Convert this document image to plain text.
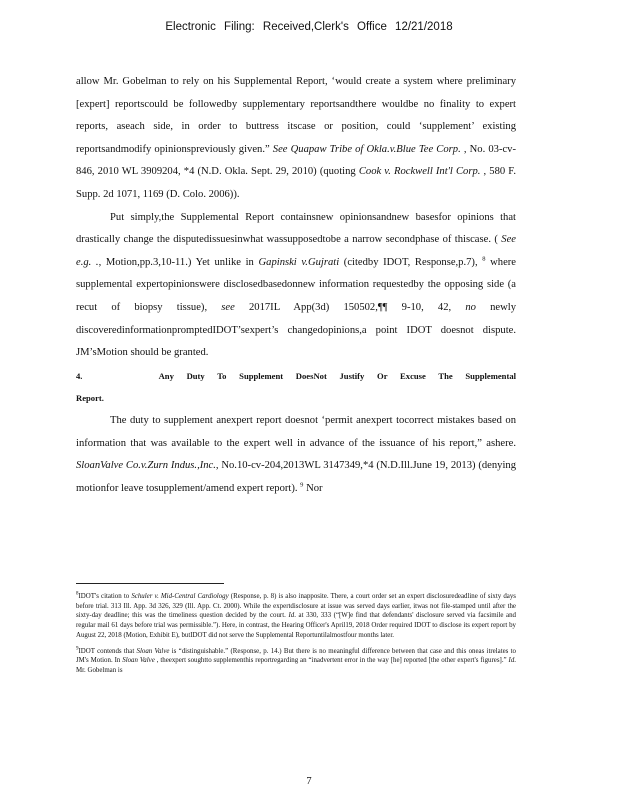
Electronic Filing: Received,Clerk's Office 12/21/2018

allow Mr. Gobelman to rely on his Supplemental Report, ‘would create a system where preliminary [expert] reportscould be followedby supplementary reportsandthere wouldbe no finality to expert reports, aseach side, in order to buttress itscase or position, could ‘supplement’ existing reportsandmodify opinionspreviously given.” See Quapaw Tribe of Okla.v.Blue Tee Corp. , No. 03-cv-846, 2010 WL 3909204, *4 (N.D. Okla. Sept. 29, 2010) (quoting Cook v. Rockwell Int'l Corp. , 580 F. Supp. 2d 1071, 1169 (D. Colo. 2006)).

Put simply,the Supplemental Report containsnew opinionsandnew basesfor opinions that drastically change the disputedissuesinwhat wassupposedtobe a narrow secondphase of thiscase. ( See e.g. ., Motion,pp.3,10-11.) Yet unlike in Gapinski v.Gujrati (citedby IDOT, Response,p.7), $^8$ where supplemental expertopinionswere disclosedbasedonnew information requestedby the opposing side (a recut of biopsy tissue), see 2017IL App(3d) 150502,¶¶ 9-10, 42, no newly discoveredinformationpromptedIDOT’sexpert’s changedopinions,a point IDOT doesnot dispute. JM’sMotion should be granted.

4.	Any Duty To Supplement DoesNot Justify Or Excuse The Supplemental Report.

The duty to supplement anexpert report doesnot ‘permit anexpert tocorrect mistakes based on information that was available to the expert well in advance of the issuance of his report,” ashere. SloanValve Co.v.Zurn Indus.,Inc., No.10-cv-204,2013WL 3147349,*4 (N.D.Ill.June 19, 2013) (denying motionfor leave tosupplement/amend expert report). $^9$ Nor

$^8$IDOT's citation to Schuler v. Mid-Central Cardiology (Response, p. 8) is also inapposite. There, a court order set an expert disclosuredeadline of sixty days before trial. 313 Ill. App. 3d 326, 329 (Ill. App. Ct. 2000). While the expertdisclosure at issue was served days earlier, itwas not file-stamped until after the sixty-day deadline; this was the timeliness question decided by the court. Id. at 330, 333 (“[W]e find that defendants' disclosure served via facsimile and regular mail 61 days before trial was permissible.”). Here, in contrast, the Hearing Officer's April19, 2018 Order required IDOT to disclose its expert report by August 22, 2018 (Motion, Exhibit E), butIDOT did not serve the Supplemental Reportuntilalmostfour months later.

$^9$IDOT contends that Sloan Valve is “distinguishable.” (Response, p. 14.) But there is no meaningful difference between that case and this oneas itrelates to JM's Motion. In Sloan Valve , theexpert soughtto supplementhis reportregarding an “inadvertent error in the way [he] reported [the other expert's figures].” Id. Mr. Gobelman is

7
